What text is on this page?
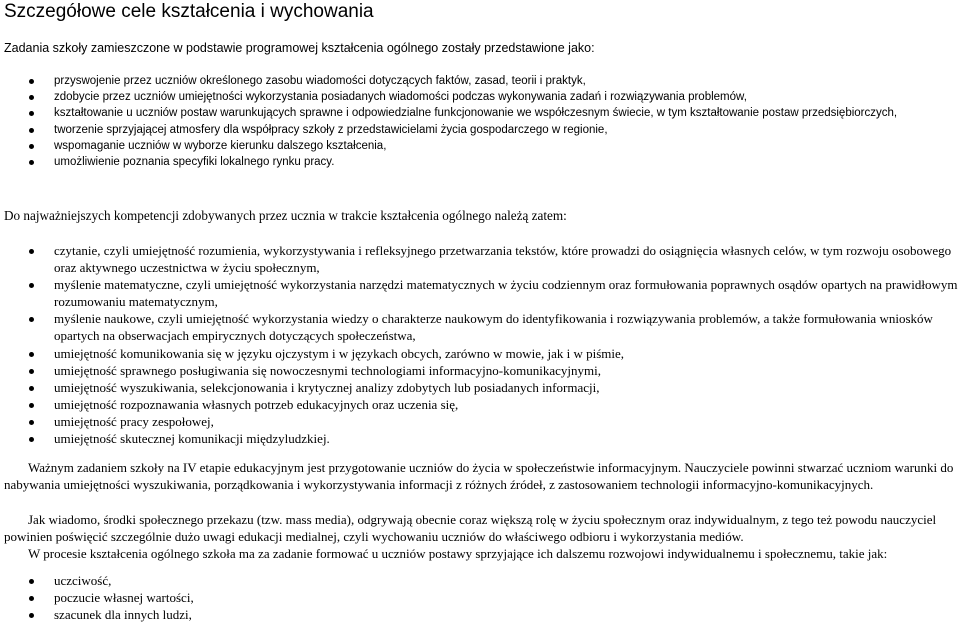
Szczegółowe cele kształcenia i wychowania

Zadania szkoły zamieszczone w podstawie programowej kształcenia ogólnego zostały przedstawione jako:

przyswojenie przez uczniów określonego zasobu wiadomości dotyczących faktów, zasad, teorii i praktyk,
zdobycie przez uczniów umiejętności wykorzystania posiadanych wiadomości podczas wykonywania zadań i rozwiązywania problemów,
kształtowanie u uczniów postaw warunkujących sprawne i odpowiedzialne funkcjonowanie we współczesnym świecie, w tym kształtowanie postaw przedsiębiorczych,
tworzenie sprzyjającej atmosfery dla współpracy szkoły z przedstawicielami życia gospodarczego w regionie,
wspomaganie uczniów w wyborze kierunku dalszego kształcenia,
umożliwienie poznania specyfiki lokalnego rynku pracy.

Do najważniejszych kompetencji zdobywanych przez ucznia w trakcie kształcenia ogólnego należą zatem:

czytanie, czyli umiejętność rozumienia, wykorzystywania i refleksyjnego przetwarzania tekstów, które prowadzi do osiągnięcia własnych celów, w tym rozwoju osobowego oraz aktywnego uczestnictwa w życiu społecznym,
myślenie matematyczne, czyli umiejętność wykorzystania narzędzi matematycznych w życiu codziennym oraz formułowania poprawnych osądów opartych na prawidłowym rozumowaniu matematycznym,
myślenie naukowe, czyli umiejętność wykorzystania wiedzy o charakterze naukowym do identyfikowania i rozwiązywania problemów, a także formułowania wniosków opartych na obserwacjach empirycznych dotyczących społeczeństwa,
umiejętność komunikowania się w języku ojczystym i w językach obcych, zarówno w mowie, jak i w piśmie,
umiejętność sprawnego posługiwania się nowoczesnymi technologiami informacyjno-komunikacyjnymi,
umiejętność wyszukiwania, selekcjonowania i krytycznej analizy zdobytych lub posiadanych informacji,
umiejętność rozpoznawania własnych potrzeb edukacyjnych oraz uczenia się,
umiejętność pracy zespołowej,
umiejętność skutecznej komunikacji międzyludzkiej.

Ważnym zadaniem szkoły na IV etapie edukacyjnym jest przygotowanie uczniów do życia w społeczeństwie informacyjnym. Nauczyciele powinni stwarzać uczniom warunki do nabywania umiejętności wyszukiwania, porządkowania i wykorzystywania informacji z różnych źródeł, z zastosowaniem technologii informacyjno-komunikacyjnych.

Jak wiadomo, środki społecznego przekazu (tzw. mass media), odgrywają obecnie coraz większą rolę w życiu społecznym oraz indywidualnym, z tego też powodu nauczyciel powinien poświęcić szczególnie dużo uwagi edukacji medialnej, czyli wychowaniu uczniów do właściwego odbioru i wykorzystania mediów.

W procesie kształcenia ogólnego szkoła ma za zadanie formować u uczniów postawy sprzyjające ich dalszemu rozwojowi indywidualnemu i społecznemu, takie jak:

uczciwość,
poczucie własnej wartości,
szacunek dla innych ludzi,
